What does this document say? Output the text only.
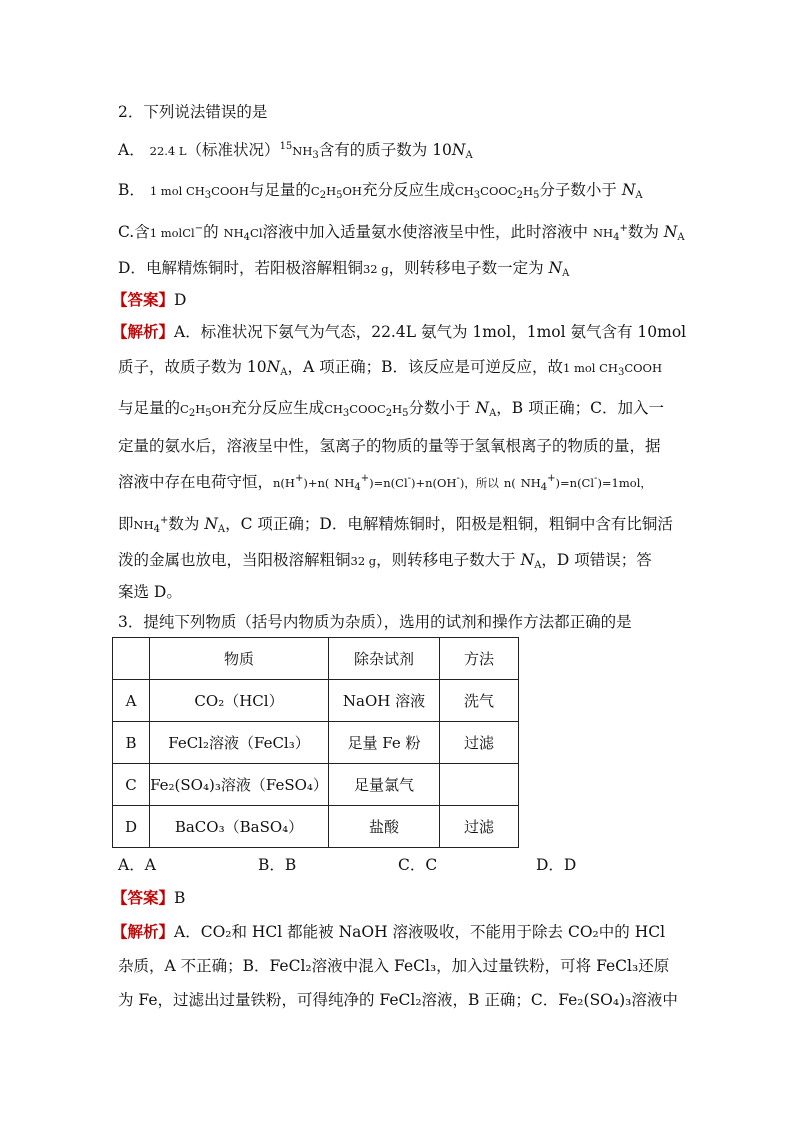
2．下列说法错误的是
A． 22.4 L（标准状况）$^{15}NH_3$含有的质子数为 $10N_A$
B． 1 mol $CH_3COOH$与足量的$C_2H_5OH$充分反应生成$CH_3COOC_2H_5$分子数小于 $N_A$
C.含1 molCl−的 $NH_4Cl$溶液中加入适量氨水使溶液呈中性，此时溶液中 $NH_4^+$数为 $N_A$
D．电解精炼铜时，若阳极溶解粗铜32 g，则转移电子数一定为 $N_A$
【答案】D
【解析】A．标准状况下氨气为气态，22.4L 氨气为 1mol，1mol 氨气含有 10mol
质子，故质子数为 $10N_A$，A 项正确；B．该反应是可逆反应，故1 mol $CH_3COOH$
与足量的$C_2H_5OH$充分反应生成$CH_3COOC_2H_5$分数小于 $N_A$，B 项正确；C．加入一
定量的氨水后，溶液呈中性，氢离子的物质的量等于氢氧根离子的物质的量，据
溶液中存在电荷守恒，n(H+)+n( $NH_4^+)=n(Cl^-)+n(OH^-)$，所以 n( $NH_4^+)=n(Cl^-)=1mol$，
即$NH_4^+$数为 $N_A$，C 项正确；D．电解精炼铜时，阳极是粗铜，粗铜中含有比铜活
泼的金属也放电，当阳极溶解粗铜32 g，则转移电子数大于 $N_A$，D 项错误；答
案选 D。
3．提纯下列物质（括号内物质为杂质），选用的试剂和操作方法都正确的是
	物质	除杂试剂	方法
A	CO₂（HCl）	NaOH 溶液	洗气
B	FeCl₂溶液（FeCl₃）	足量 Fe 粉	过滤
C	Fe₂(SO₄)₃溶液（FeSO₄）	足量氯气	
D	BaCO₃（BaSO₄）	盐酸	过滤
A．A	B．B	C．C	D．D
【答案】B
【解析】A．CO₂和 HCl 都能被 NaOH 溶液吸收，不能用于除去 CO₂中的 HCl
杂质，A 不正确；B．FeCl₂溶液中混入 FeCl₃，加入过量铁粉，可将 FeCl₃还原
为 Fe，过滤出过量铁粉，可得纯净的 FeCl₂溶液，B 正确；C．Fe₂(SO₄)₃溶液中
